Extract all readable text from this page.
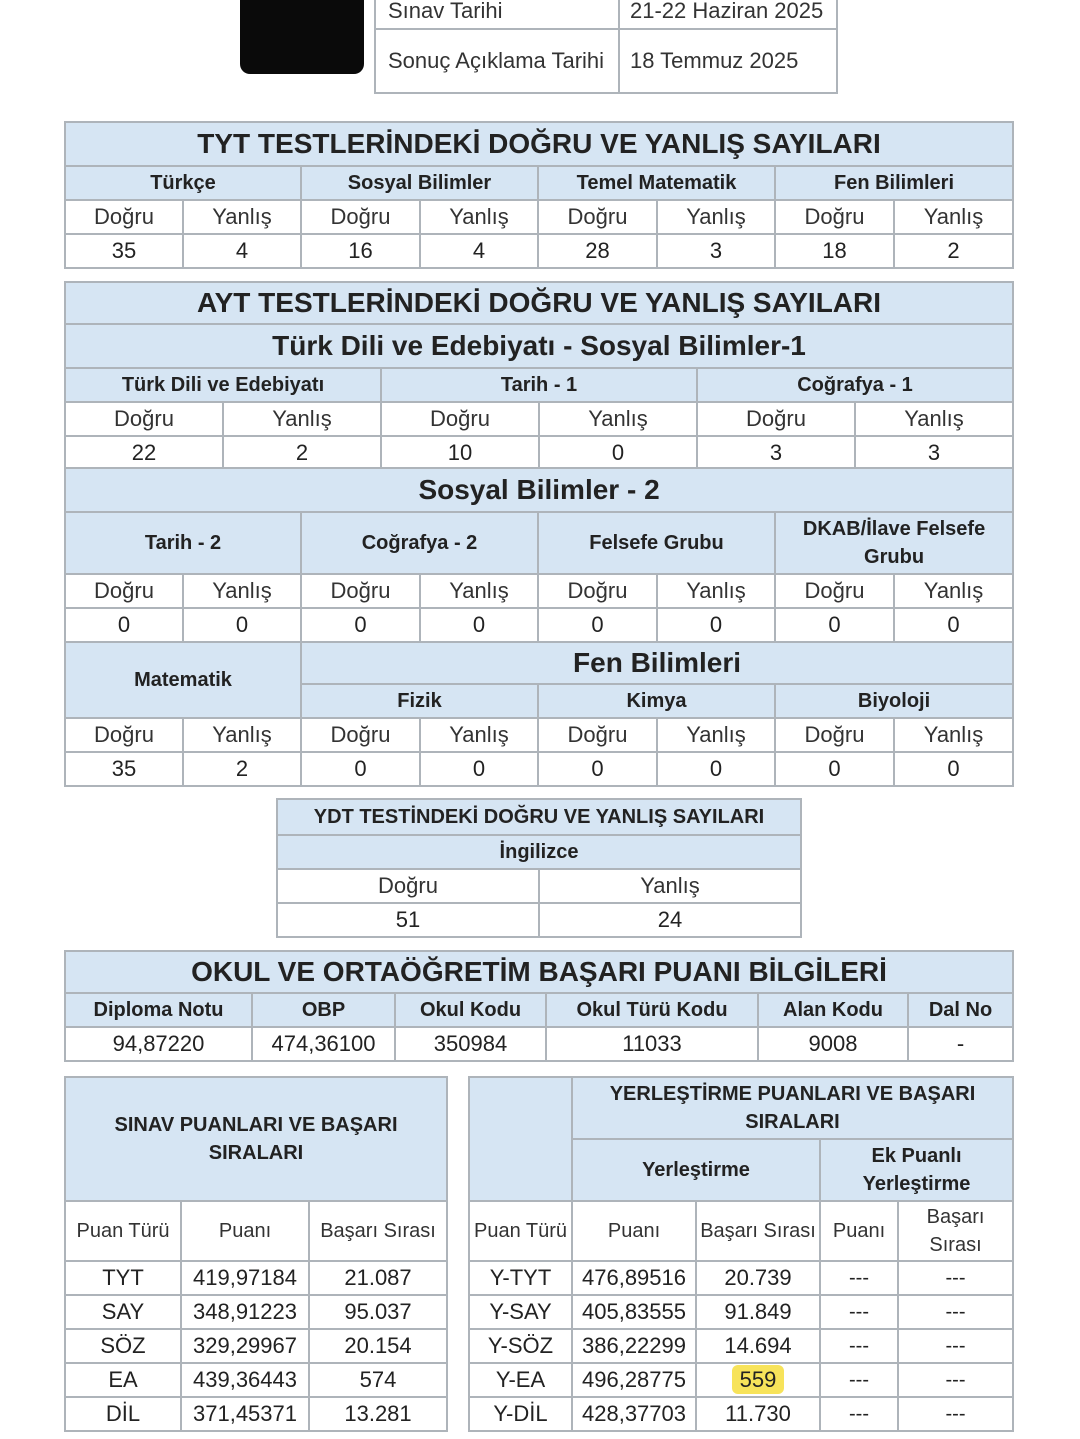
Sınav Tarihi	21-22 Haziran 2025
Sonuç Açıklama Tarihi	18 Temmuz 2025
TYT TESTLERİNDEKİ DOĞRU VE YANLIŞ SAYILARI							
Türkçe		Sosyal Bilimler		Temel Matematik		Fen Bilimleri	
Doğru	Yanlış	Doğru	Yanlış	Doğru	Yanlış	Doğru	Yanlış
35	4	16	4	28	3	18	2
AYT TESTLERİNDEKİ DOĞRU VE YANLIŞ SAYILARI					
Türk Dili ve Edebiyatı - Sosyal Bilimler-1					
Türk Dili ve Edebiyatı		Tarih - 1		Coğrafya - 1	
Doğru	Yanlış	Doğru	Yanlış	Doğru	Yanlış
22	2	10	0	3	3
Sosyal Bilimler - 2							
Tarih - 2		Coğrafya - 2		Felsefe Grubu		DKAB/İlave Felsefe Grubu	
Doğru	Yanlış	Doğru	Yanlış	Doğru	Yanlış	Doğru	Yanlış
0	0	0	0	0	0	0	0
Matematik		Fen Bilimleri					
		Fizik		Kimya		Biyoloji	
Doğru	Yanlış	Doğru	Yanlış	Doğru	Yanlış	Doğru	Yanlış
35	2	0	0	0	0	0	0
YDT TESTİNDEKİ DOĞRU VE YANLIŞ SAYILARI	
İngilizce	
Doğru	Yanlış
51	24
OKUL VE ORTAÖĞRETİM BAŞARI PUANI BİLGİLERİ					
Diploma Notu	OBP	Okul Kodu	Okul Türü Kodu	Alan Kodu	Dal No
94,87220	474,36100	350984	11033	9008	-
SINAV PUANLARI VE BAŞARI SIRALARI		
Puan Türü	Puanı	Başarı Sırası
TYT	419,97184	21.087
SAY	348,91223	95.037
SÖZ	329,29967	20.154
EA	439,36443	574
DİL	371,45371	13.281
	YERLEŞTİRME PUANLARI VE BAŞARI SIRALARI			
	Yerleştirme		Ek Puanlı Yerleştirme	
Puan Türü	Puanı	Başarı Sırası	Puanı	Başarı Sırası
Y-TYT	476,89516	20.739	---	---
Y-SAY	405,83555	91.849	---	---
Y-SÖZ	386,22299	14.694	---	---
Y-EA	496,28775	559	---	---
Y-DİL	428,37703	11.730	---	---
